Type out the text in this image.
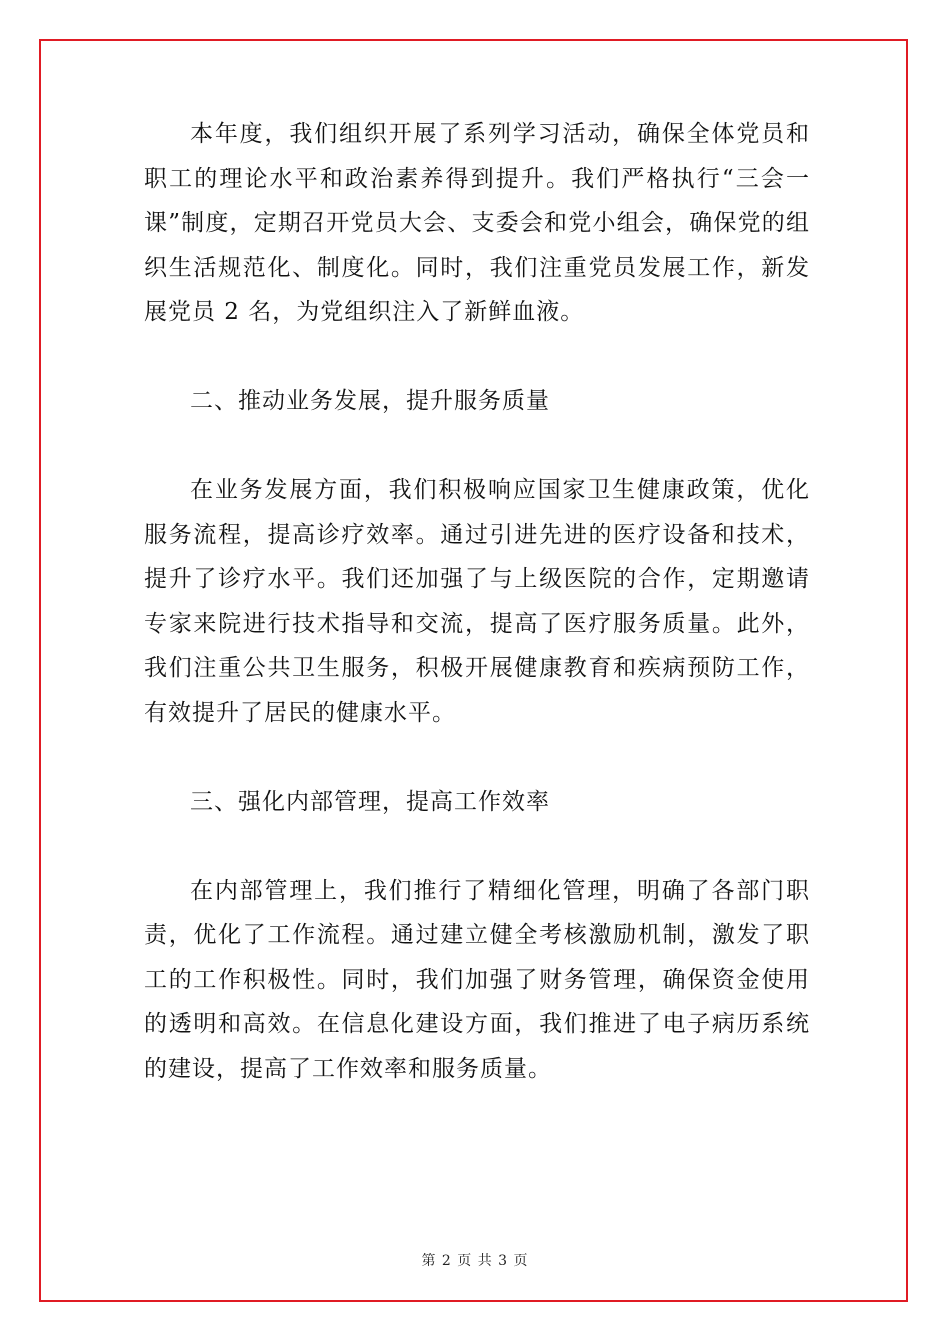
本年度，我们组织开展了系列学习活动，确保全体党员和职工的理论水平和政治素养得到提升。我们严格执行“三会一课”制度，定期召开党员大会、支委会和党小组会，确保党的组织生活规范化、制度化。同时，我们注重党员发展工作，新发展党员 2 名，为党组织注入了新鲜血液。

二、推动业务发展，提升服务质量

在业务发展方面，我们积极响应国家卫生健康政策，优化服务流程，提高诊疗效率。通过引进先进的医疗设备和技术，提升了诊疗水平。我们还加强了与上级医院的合作，定期邀请专家来院进行技术指导和交流，提高了医疗服务质量。此外，我们注重公共卫生服务，积极开展健康教育和疾病预防工作，有效提升了居民的健康水平。

三、强化内部管理，提高工作效率

在内部管理上，我们推行了精细化管理，明确了各部门职责，优化了工作流程。通过建立健全考核激励机制，激发了职工的工作积极性。同时，我们加强了财务管理，确保资金使用的透明和高效。在信息化建设方面，我们推进了电子病历系统的建设，提高了工作效率和服务质量。

第 2 页 共 3 页
